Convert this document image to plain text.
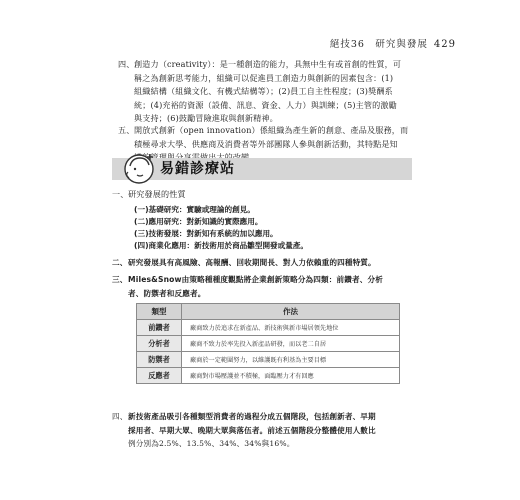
絕技36　研究與發展 429
四、 創造力（creativity）：是一種創造的能力，具無中生有或首創的性質，可
稱之為創新思考能力，組織可以促進員工創造力與創新的因素包含：(1)
組織結構（組織文化、有機式結構等）；(2)員工自主性程度；(3)獎酬系
統；(4)充裕的資源（設備、訊息、資金、人力）與訓練；(5)主管的激勵
與支持；(6)鼓勵冒險進取與創新精神。
五、 開放式創新（open innovation）係組織為產生新的創意、產品及服務，而
積極尋求大學、供應商及消費者等外部團隊人參與創新活動，其特點是知
易錯診療站
一、 研究發展的性質
(一)基礎研究：實驗或理論的創見。
(二)應用研究：對新知識的實際應用。
(三)技術發展：對新知有系統的加以應用。
(四)商業化應用：新技術用於商品雛型開發或量產。
二、 研究發展具有高風險、高報酬、回收期間長、對人力依賴重的四種特質。
三、 Miles&Snow由策略種種度觀點將企業創新策略分為四類：前鑽者、分析
者、防禦者和反應者。
類型	作法
前鑽者	廠商致力於追求在新產品、新技術與新市場居領先地位
分析者	廠商不致力於率先投入新產品研發，而以老二自居
防禦者	廠商於一定範圍努力，以維護既有利基為主要目標
反應者	廠商對市場壓護並不積極，面臨壓力才有回應
四、 新技術產品吸引各種類型消費者的過程分成五個階段，包括創新者、早期
採用者、早期大眾、晚期大眾與落伍者。前述五個階段分整體使用人數比
例分別為2.5%、13.5%、34%、34%與16%。
